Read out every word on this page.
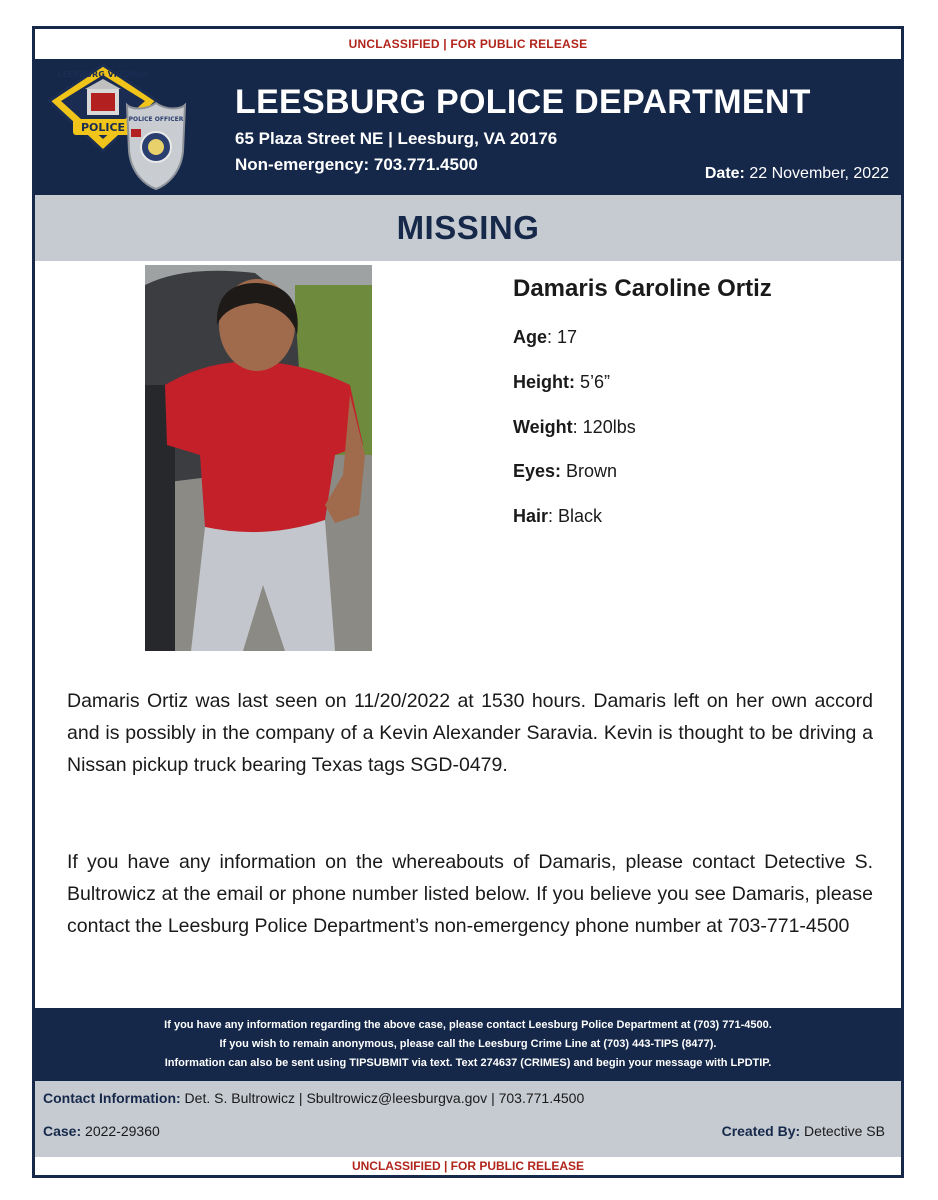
UNCLASSIFIED | FOR PUBLIC RELEASE
POLICE
LEESBURG VIRGINIA
POLICE OFFICER LEESBURG POLICE DEPARTMENT
65 Plaza Street NE | Leesburg, VA 20176
Non-emergency: 703.771.4500	Date: 22 November, 2022
MISSING
Damaris Caroline Ortiz
Age: 17
Height: 5’6”
Weight: 120lbs
Eyes: Brown
Hair: Black
Damaris Ortiz was last seen on 11/20/2022 at 1530 hours. Damaris left on her own accord and is possibly in the company of a Kevin Alexander Saravia. Kevin is thought to be driving a Nissan pickup truck bearing Texas tags SGD-0479.
If you have any information on the whereabouts of Damaris, please contact Detective S. Bultrowicz at the email or phone number listed below. If you believe you see Damaris, please contact the Leesburg Police Department’s non-emergency phone number at 703-771-4500
If you have any information regarding the above case, please contact Leesburg Police Department at (703) 771-4500.
If you wish to remain anonymous, please call the Leesburg Crime Line at (703) 443-TIPS (8477).
Information can also be sent using TIPSUBMIT via text. Text 274637 (CRIMES) and begin your message with LPDTIP.
Contact Information: Det. S. Bultrowicz | Sbultrowicz@leesburgva.gov | 703.771.4500
Case: 2022-29360	Created By: Detective SB
UNCLASSIFIED | FOR PUBLIC RELEASE
